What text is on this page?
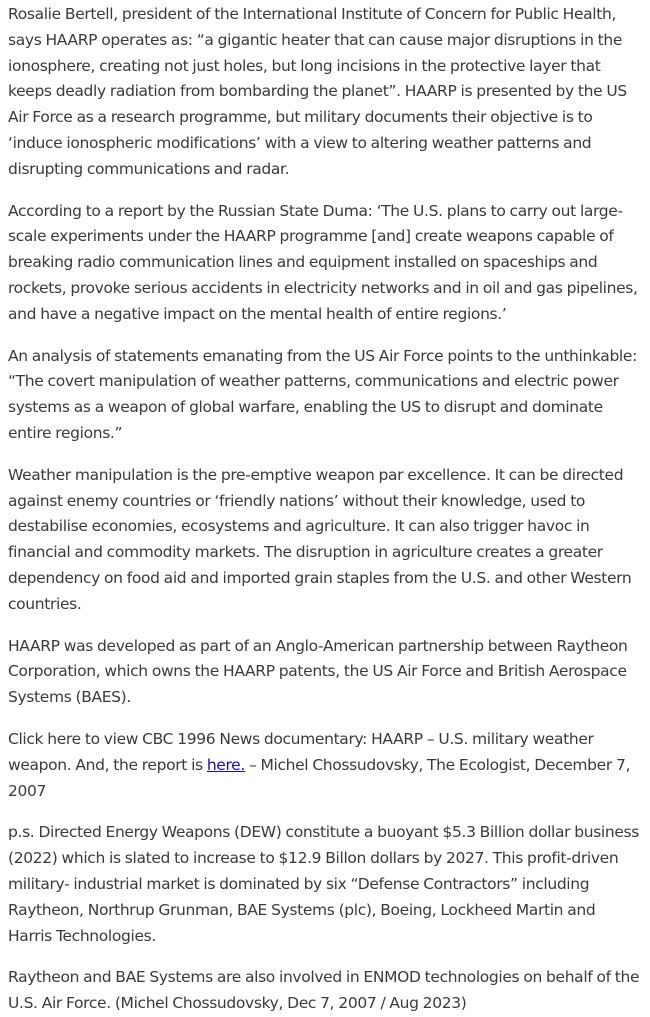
Rosalie Bertell, president of the International Institute of Concern for Public Health, says HAARP operates as: “a gigantic heater that can cause major disruptions in the ionosphere, creating not just holes, but long incisions in the protective layer that keeps deadly radiation from bombarding the planet”. HAARP is presented by the US Air Force as a research programme, but military documents their objective is to ‘induce ionospheric modifications’ with a view to altering weather patterns and disrupting communications and radar.

According to a report by the Russian State Duma: ‘The U.S. plans to carry out large-scale experiments under the HAARP programme [and] create weapons capable of breaking radio communication lines and equipment installed on spaceships and rockets, provoke serious accidents in electricity networks and in oil and gas pipelines, and have a negative impact on the mental health of entire regions.’

An analysis of statements emanating from the US Air Force points to the unthinkable: “The covert manipulation of weather patterns, communications and electric power systems as a weapon of global warfare, enabling the US to disrupt and dominate entire regions.”

Weather manipulation is the pre-emptive weapon par excellence. It can be directed against enemy countries or ‘friendly nations’ without their knowledge, used to destabilise economies, ecosystems and agriculture. It can also trigger havoc in financial and commodity markets. The disruption in agriculture creates a greater dependency on food aid and imported grain staples from the U.S. and other Western countries.

HAARP was developed as part of an Anglo-American partnership between Raytheon Corporation, which owns the HAARP patents, the US Air Force and British Aerospace Systems (BAES).

Click here to view CBC 1996 News documentary: HAARP – U.S. military weather weapon. And, the report is here. – Michel Chossudovsky, The Ecologist, December 7, 2007

p.s. Directed Energy Weapons (DEW) constitute a buoyant $5.3 Billion dollar business (2022) which is slated to increase to $12.9 Billon dollars by 2027. This profit-driven military- industrial market is dominated by six “Defense Contractors” including Raytheon, Northrup Grunman, BAE Systems (plc), Boeing, Lockheed Martin and Harris Technologies.

Raytheon and BAE Systems are also involved in ENMOD technologies on behalf of the U.S. Air Force. (Michel Chossudovsky, Dec 7, 2007 / Aug 2023)
